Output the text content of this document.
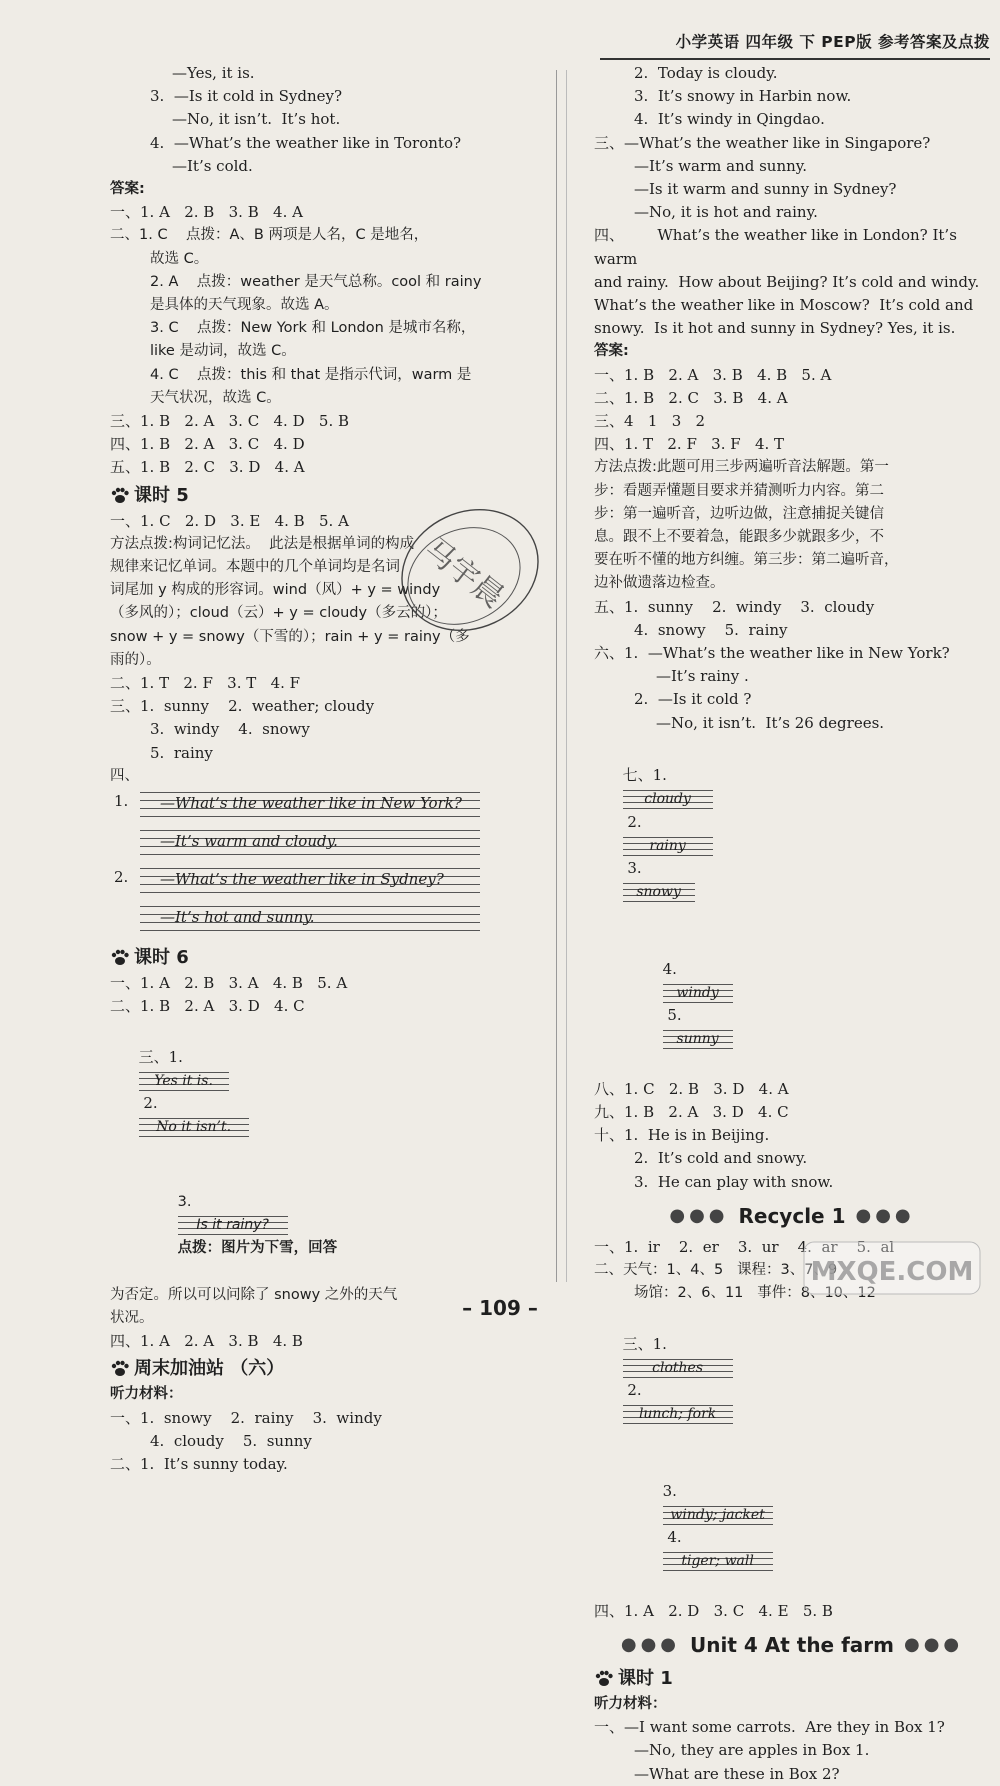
小学英语 四年级 下 PEP版 参考答案及点拨
—Yes, it is.
3.  —Is it cold in Sydney?
—No, it isn’t.  It’s hot.
4.  —What’s the weather like in Toronto?
—It’s cold.
答案:
一、1. A   2. B   3. B   4. A
二、1. C    点拨：A、B 两项是人名，C 是地名，
故选 C。
2. A    点拨：weather 是天气总称。cool 和 rainy
是具体的天气现象。故选 A。
3. C    点拨：New York 和 London 是城市名称，
like 是动词，故选 C。
4. C    点拨：this 和 that 是指示代词，warm 是
天气状况，故选 C。
三、1. B   2. A   3. C   4. D   5. B
四、1. B   2. A   3. C   4. D
五、1. B   2. C   3. D   4. A
课时 5
一、1. C   2. D   3. E   4. B   5. A
方法点拨:构词记忆法。  此法是根据单词的构成
规律来记忆单词。本题中的几个单词均是名词
词尾加 y 构成的形容词。wind（风）+ y = windy
（多风的）；cloud（云）+ y = cloudy（多云的）；
snow + y = snowy（下雪的）；rain + y = rainy（多
雨的）。
二、1. T   2. F   3. T   4. F
三、1.  sunny    2.  weather; cloudy
3.  windy    4.  snowy
5.  rainy
四、
1. —What’s the weather like in New York?
—It’s warm and cloudy.
2. —What’s the weather like in Sydney?
—It’s hot and sunny.
课时 6
一、1. A   2. B   3. A   4. B   5. A
二、1. B   2. A   3. D   4. C

三、1.
Yes it is.
2.
No it isn’t.

3.
Is it rainy?
点拨：图片为下雪，回答

为否定。所以可以问除了 snowy 之外的天气
状况。
四、1. A   2. A   3. B   4. B
周末加油站 （六）
听力材料：
一、1.  snowy    2.  rainy    3.  windy
4.  cloudy    5.  sunny
二、1.  It’s sunny today.
2.  Today is cloudy.
3.  It’s snowy in Harbin now.
4.  It’s windy in Qingdao.
三、—What’s the weather like in Singapore?
—It’s warm and sunny.
—Is it warm and sunny in Sydney?
—No, it is hot and rainy.
四、       What’s the weather like in London? It’s warm
and rainy.  How about Beijing? It’s cold and windy.
What’s the weather like in Moscow?  It’s cold and
snowy.  Is it hot and sunny in Sydney? Yes, it is.
答案:
一、1. B   2. A   3. B   4. B   5. A
二、1. B   2. C   3. B   4. A
三、4   1   3   2
四、1. T   2. F   3. F   4. T
方法点拨:此题可用三步两遍听音法解题。第一
步：看题弄懂题目要求并猜测听力内容。第二
步：第一遍听音，边听边做，注意捕捉关键信
息。跟不上不要着急，能跟多少就跟多少，不
要在听不懂的地方纠缠。第三步：第二遍听音，
边补做遗落边检查。
五、1.  sunny    2.  windy    3.  cloudy
4.  snowy    5.  rainy
六、1.  —What’s the weather like in New York?
—It’s rainy .
2.  —Is it cold ?
—No, it isn’t.  It’s 26 degrees.

七、1.
cloudy
2.
rainy
3.
snowy

4.
windy
5.
sunny

八、1. C   2. B   3. D   4. A
九、1. B   2. A   3. D   4. C
十、1.  He is in Beijing.
2.  It’s cold and snowy.
3.  He can play with snow.
●●● Recycle 1 ●●●
一、1.  ir    2.  er    3.  ur    4.  ar    5.  al
二、天气：1、4、5   课程：3、7、9
场馆：2、6、11   事件：8、10、12

三、1.
clothes
2.
lunch; fork

3.
windy; jacket
4.
tiger; wall

四、1. A   2. D   3. C   4. E   5. B
●●● Unit 4 At the farm ●●●
课时 1
听力材料：
一、—I want some carrots.  Are they in Box 1?
—No, they are apples in Box 1.
—What are these in Box 2?
马宇晨
MXQE.COM
– 109 –
